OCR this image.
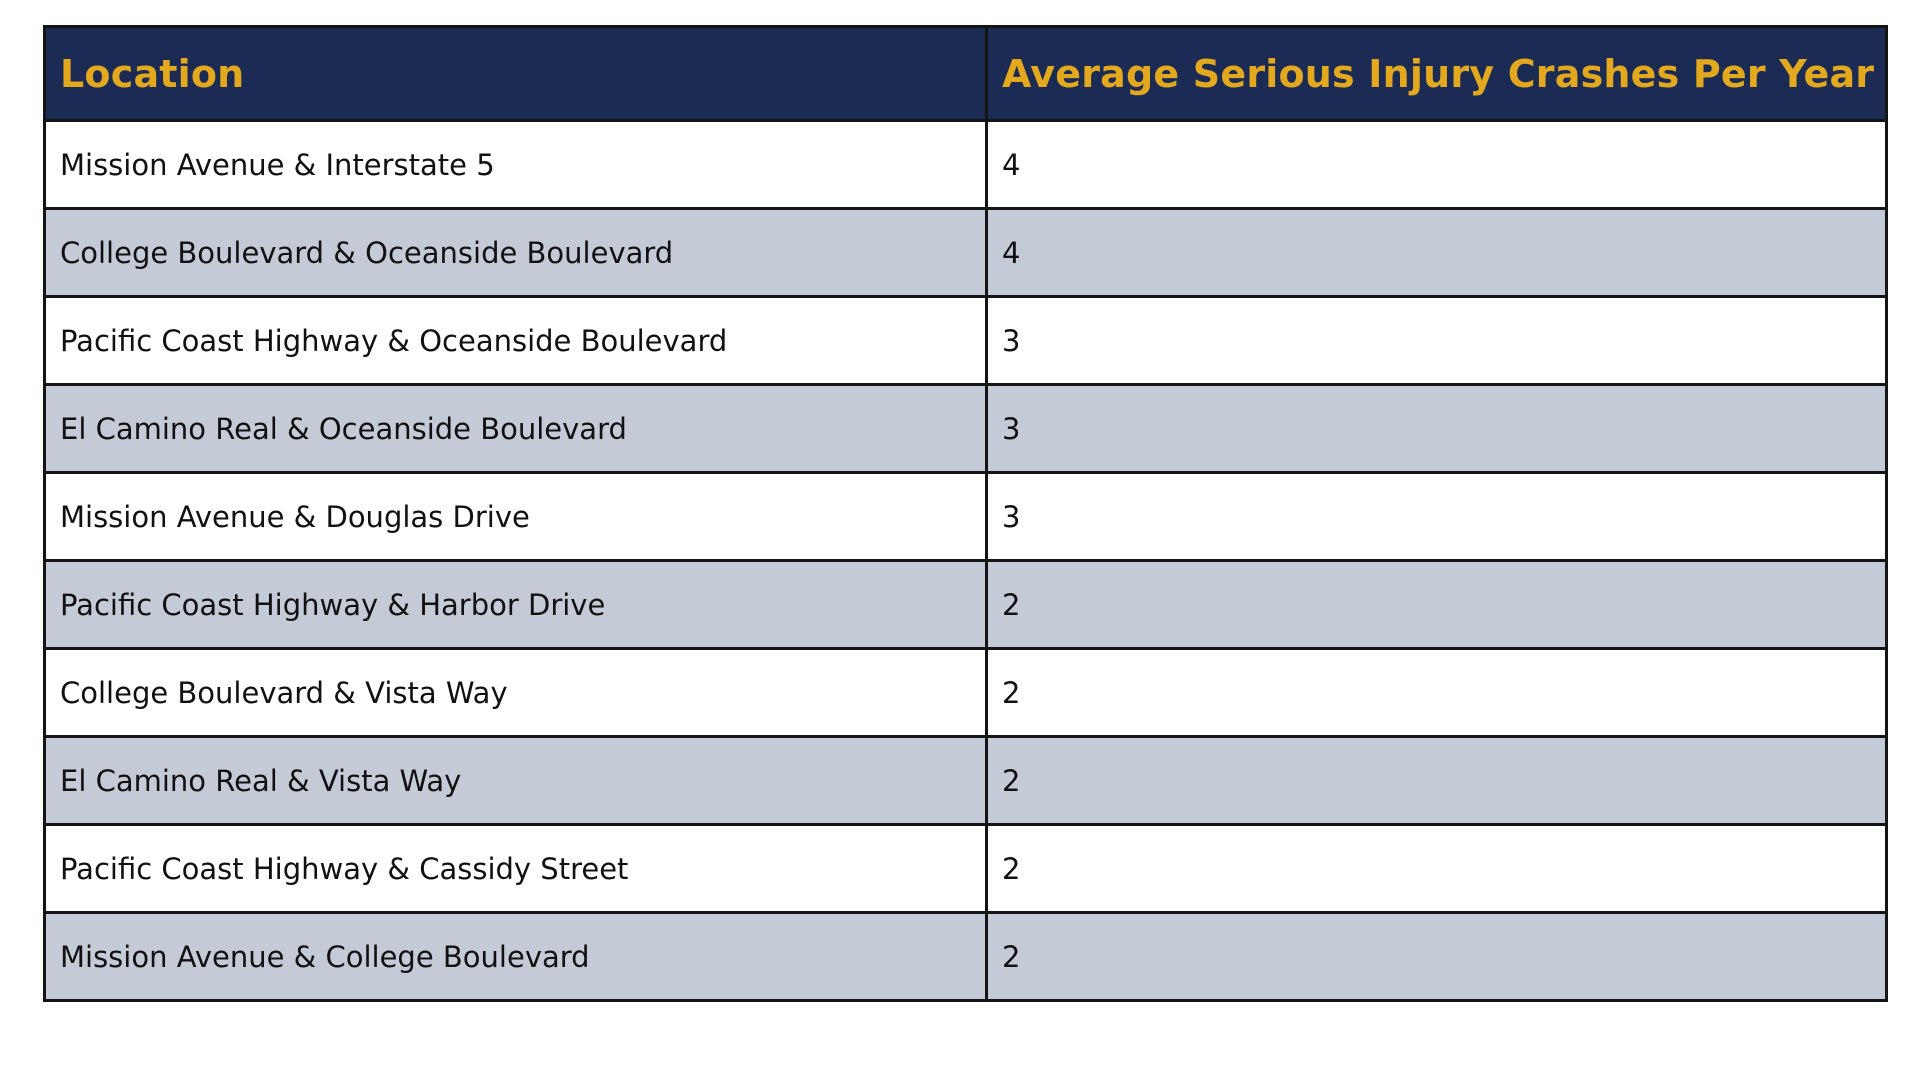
Location	Average Serious Injury Crashes Per Year
Mission Avenue & Interstate 5	4
College Boulevard & Oceanside Boulevard	4
Pacific Coast Highway & Oceanside Boulevard	3
El Camino Real & Oceanside Boulevard	3
Mission Avenue & Douglas Drive	3
Pacific Coast Highway & Harbor Drive	2
College Boulevard & Vista Way	2
El Camino Real & Vista Way	2
Pacific Coast Highway & Cassidy Street	2
Mission Avenue & College Boulevard	2
